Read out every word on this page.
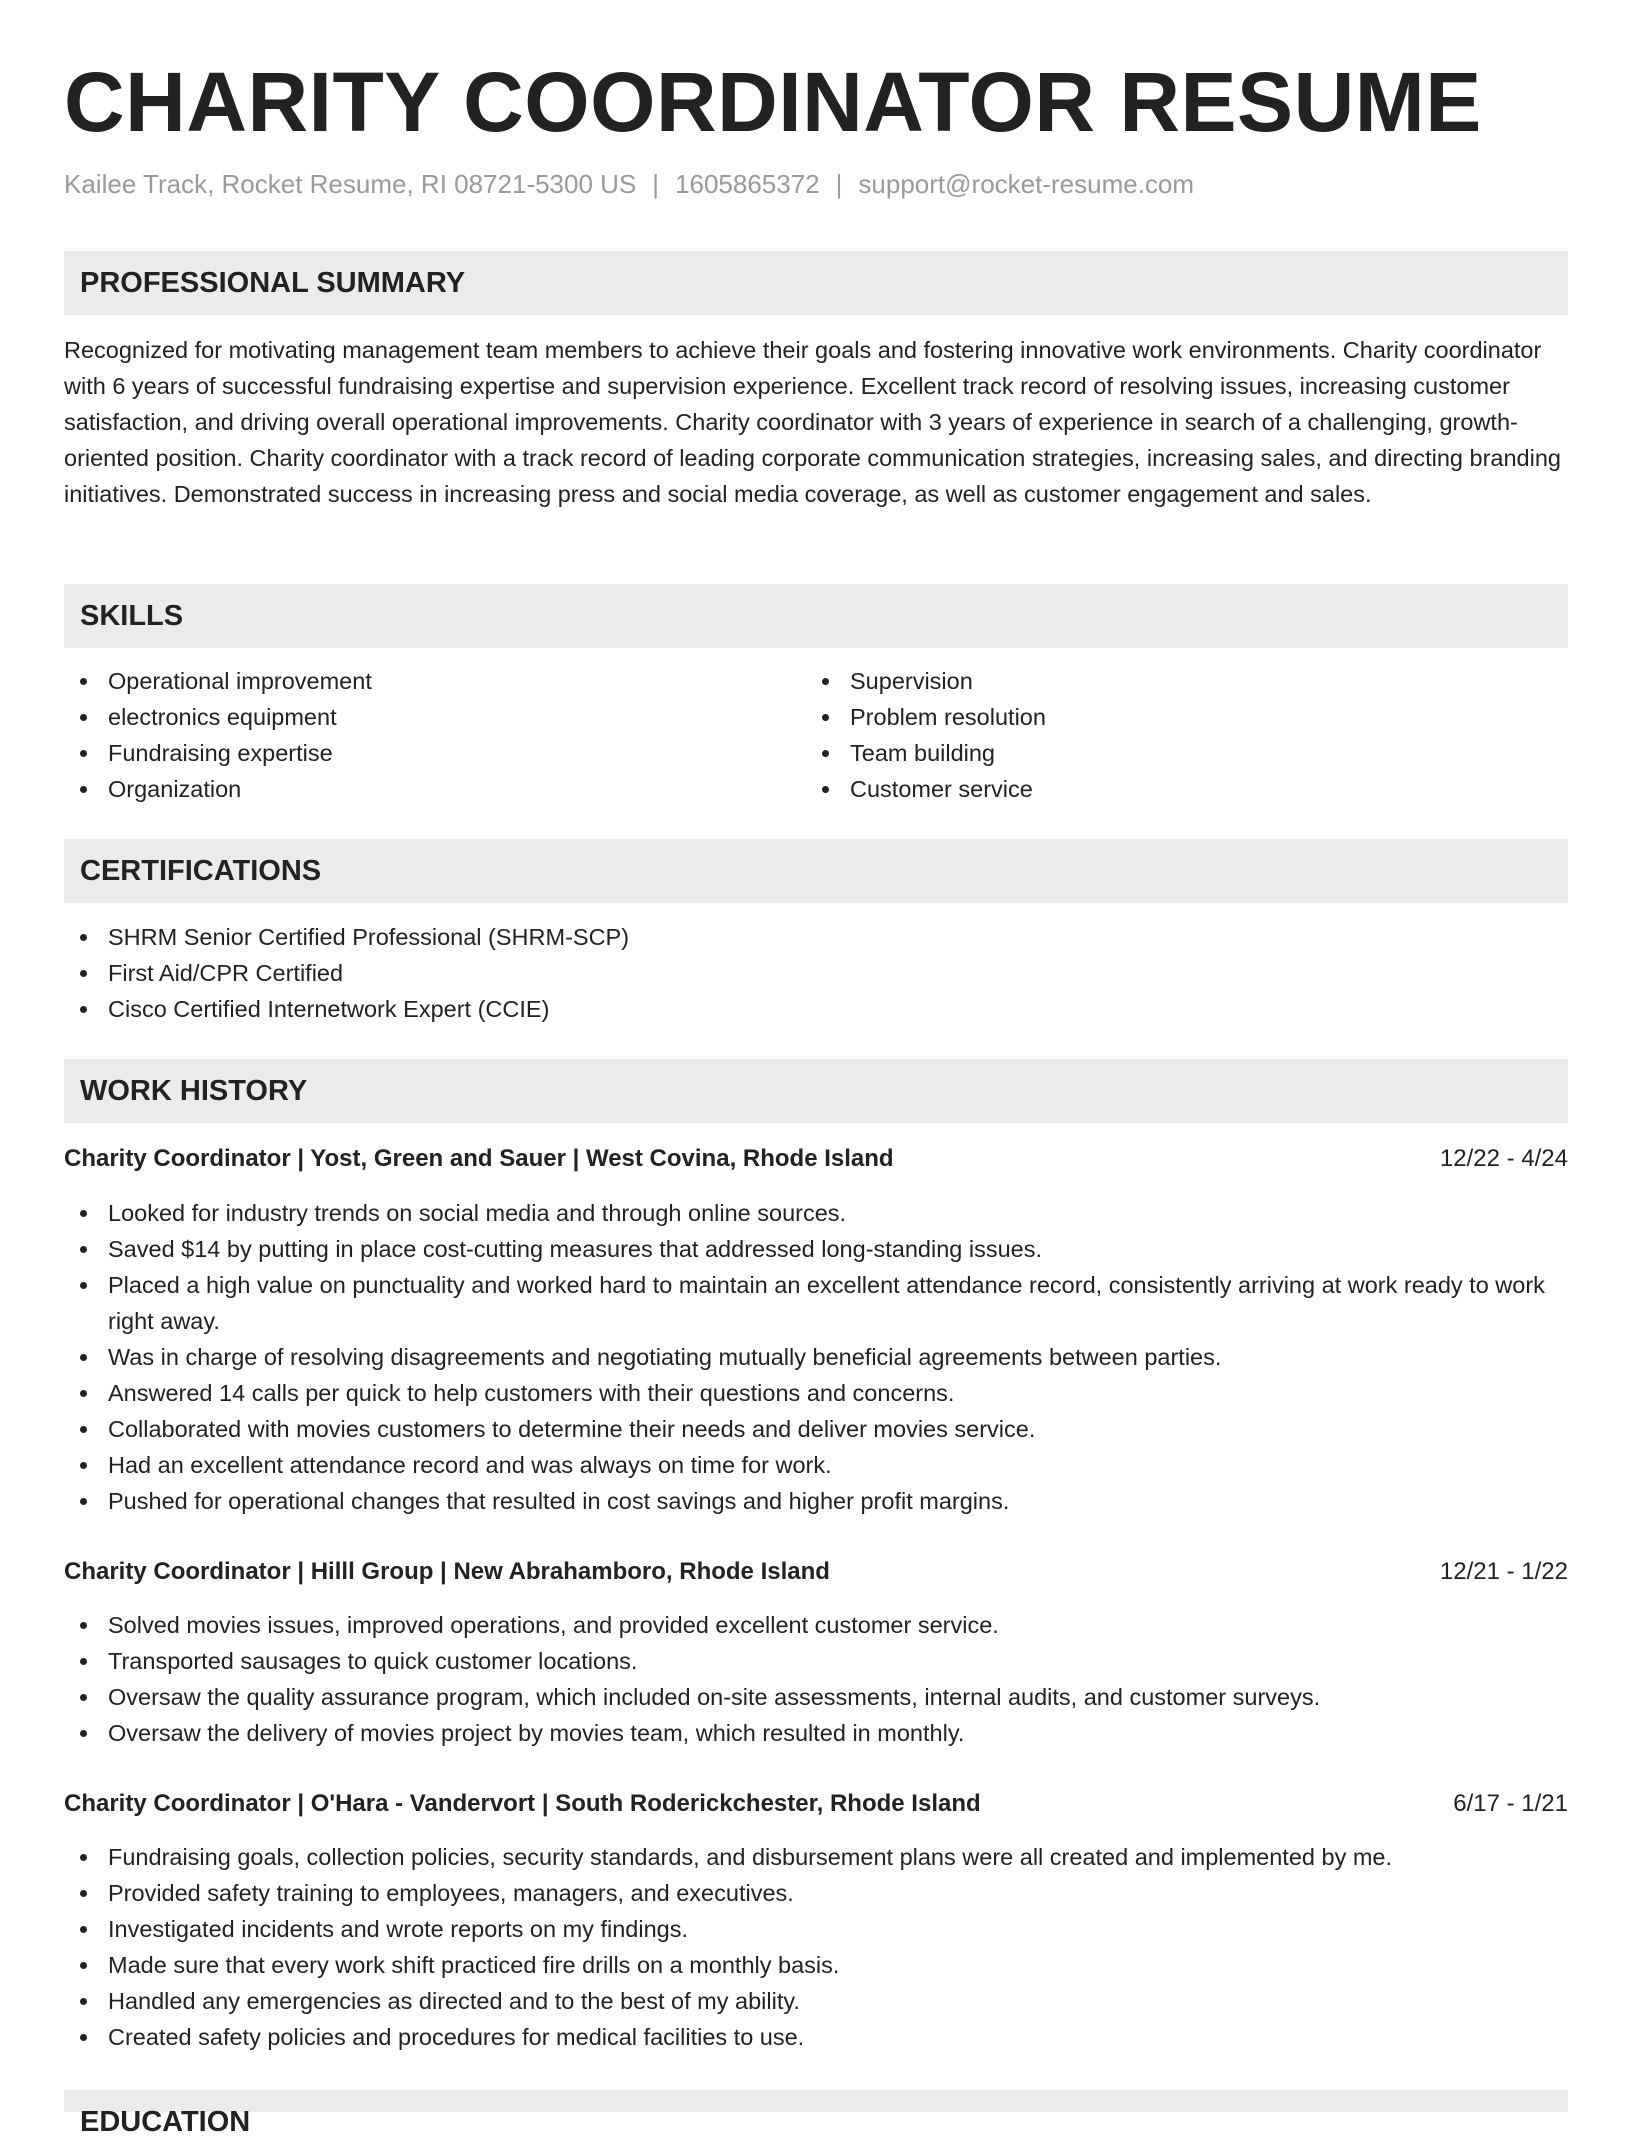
CHARITY COORDINATOR RESUME
Kailee Track, Rocket Resume, RI 08721-5300 US | 1605865372 | support@rocket-resume.com
PROFESSIONAL SUMMARY

Recognized for motivating management team members to achieve their goals and fostering innovative work environments. Charity coordinator with 6 years of successful fundraising expertise and supervision experience. Excellent track record of resolving issues, increasing customer satisfaction, and driving overall operational improvements. Charity coordinator with 3 years of experience in search of a challenging, growth-oriented position. Charity coordinator with a track record of leading corporate communication strategies, increasing sales, and directing branding initiatives. Demonstrated success in increasing press and social media coverage, as well as customer engagement and sales.

SKILLS
Operational improvement
electronics equipment
Fundraising expertise
Organization
Supervision
Problem resolution
Team building
Customer service
CERTIFICATIONS
SHRM Senior Certified Professional (SHRM-SCP)
First Aid/CPR Certified
Cisco Certified Internetwork Expert (CCIE)
WORK HISTORY
Charity Coordinator | Yost, Green and Sauer | West Covina, Rhode Island	12/22 - 4/24
Looked for industry trends on social media and through online sources.
Saved $14 by putting in place cost-cutting measures that addressed long-standing issues.
Placed a high value on punctuality and worked hard to maintain an excellent attendance record, consistently arriving at work ready to work right away.
Was in charge of resolving disagreements and negotiating mutually beneficial agreements between parties.
Answered 14 calls per quick to help customers with their questions and concerns.
Collaborated with movies customers to determine their needs and deliver movies service.
Had an excellent attendance record and was always on time for work.
Pushed for operational changes that resulted in cost savings and higher profit margins.
Charity Coordinator | Hilll Group | New Abrahamboro, Rhode Island	12/21 - 1/22
Solved movies issues, improved operations, and provided excellent customer service.
Transported sausages to quick customer locations.
Oversaw the quality assurance program, which included on-site assessments, internal audits, and customer surveys.
Oversaw the delivery of movies project by movies team, which resulted in monthly.
Charity Coordinator | O'Hara - Vandervort | South Roderickchester, Rhode Island	6/17 - 1/21
Fundraising goals, collection policies, security standards, and disbursement plans were all created and implemented by me.
Provided safety training to employees, managers, and executives.
Investigated incidents and wrote reports on my findings.
Made sure that every work shift practiced fire drills on a monthly basis.
Handled any emergencies as directed and to the best of my ability.
Created safety policies and procedures for medical facilities to use.
EDUCATION
